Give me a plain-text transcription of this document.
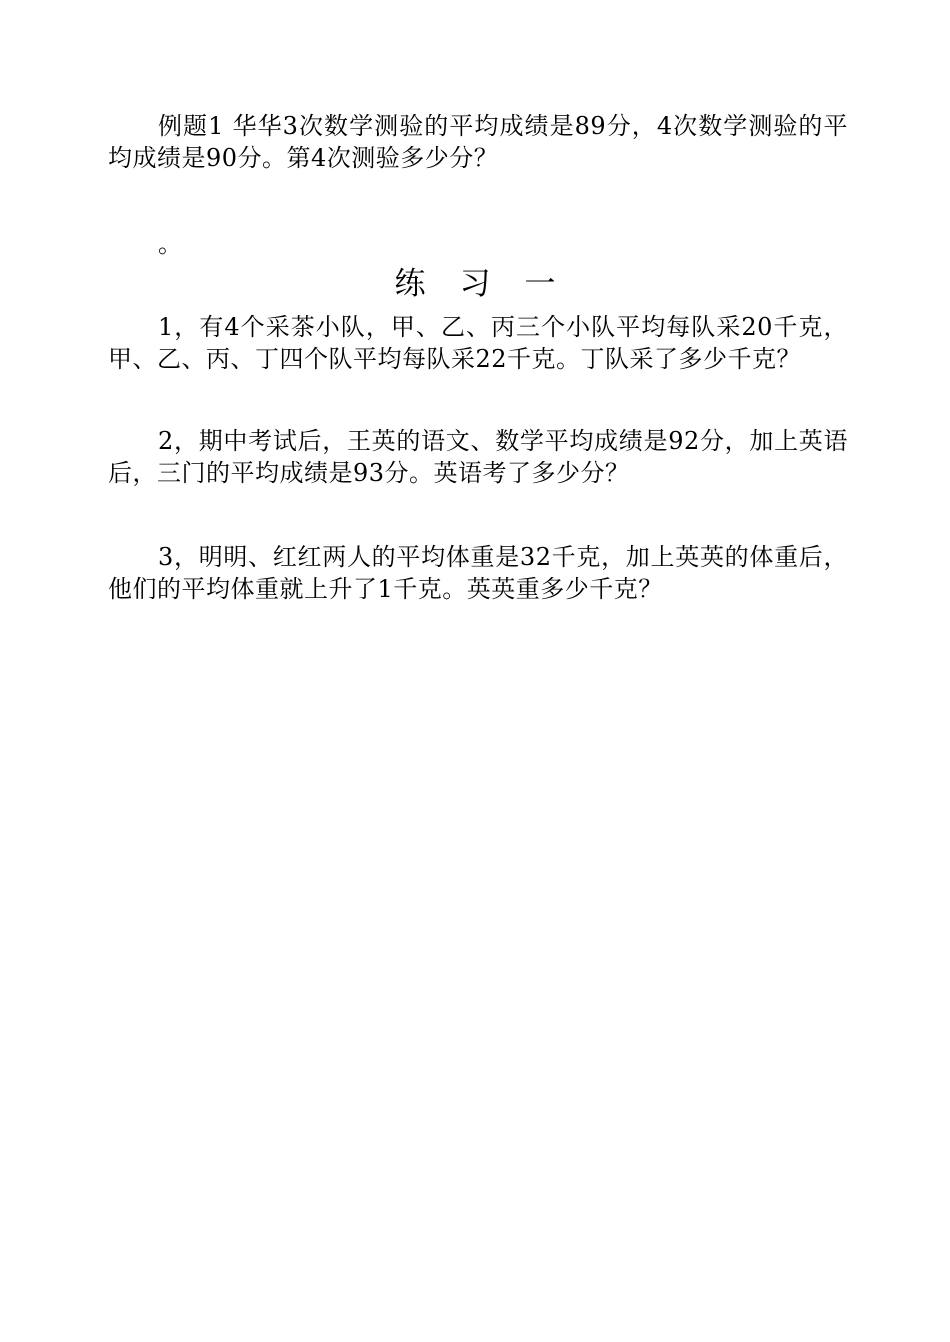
例题1 华华3次数学测验的平均成绩是89分，4次数学测验的平均成绩是90分。第4次测验多少分？

。
练习一

1，有4个采茶小队，甲、乙、丙三个小队平均每队采20千克，甲、乙、丙、丁四个队平均每队采22千克。丁队采了多少千克？

2，期中考试后，王英的语文、数学平均成绩是92分，加上英语后，三门的平均成绩是93分。英语考了多少分？

3，明明、红红两人的平均体重是32千克，加上英英的体重后，他们的平均体重就上升了1千克。英英重多少千克？
